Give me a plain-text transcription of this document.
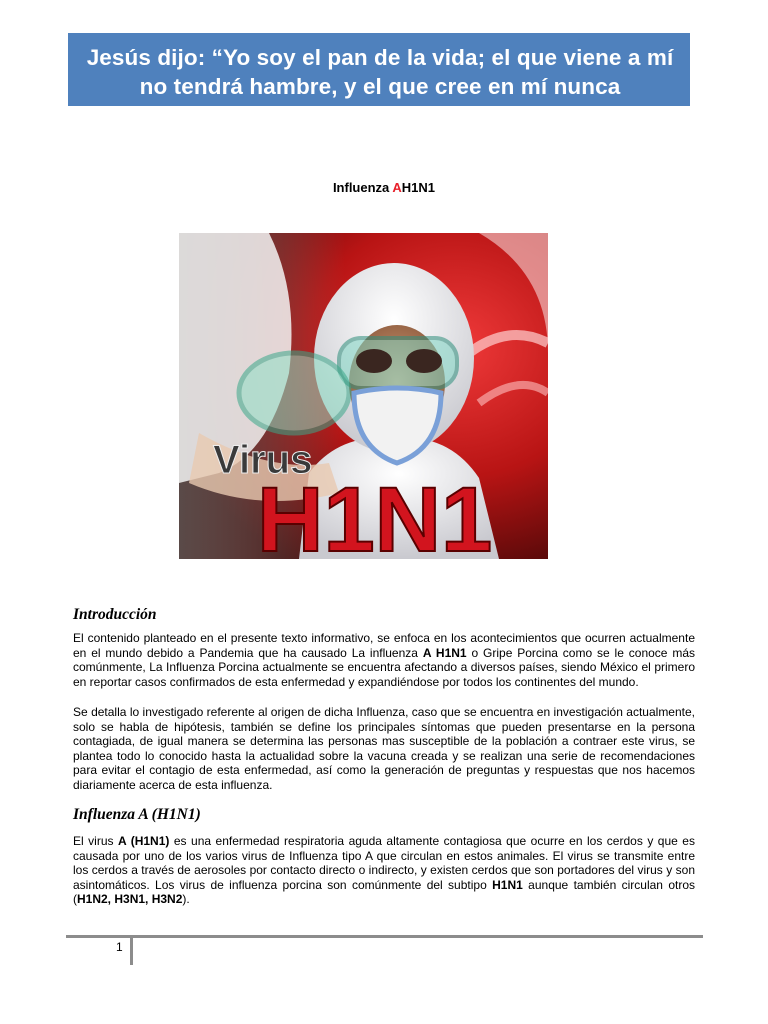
Jesús dijo: “Yo soy el pan de la vida; el que viene a mí no tendrá hambre, y el que cree en mí nunca
Influenza AH1N1
Virus
H1N1
Introducción

El contenido planteado en el presente texto informativo, se enfoca en los acontecimientos que ocurren actualmente en el mundo debido a Pandemia que ha causado La influenza A H1N1 o Gripe Porcina como se le conoce más comúnmente, La Influenza Porcina actualmente se encuentra afectando a diversos países, siendo México el primero en reportar casos confirmados de esta enfermedad y expandiéndose por todos los continentes del mundo.

Se detalla lo investigado referente al origen de dicha Influenza, caso que se encuentra en investigación actualmente, solo se habla de hipótesis, también se define los principales síntomas que pueden presentarse en la persona contagiada, de igual manera se determina las personas mas susceptible de la población a contraer este virus, se plantea todo lo conocido hasta la actualidad sobre la vacuna creada y se realizan una serie de recomendaciones para evitar el contagio de esta enfermedad, así como la generación de preguntas y respuestas que nos hacemos diariamente acerca de esta influenza.

Influenza A (H1N1)

El virus A (H1N1) es una enfermedad respiratoria aguda altamente contagiosa que ocurre en los cerdos y que es causada por uno de los varios virus de Influenza tipo A que circulan en estos animales. El virus se transmite entre los cerdos a través de aerosoles por contacto directo o indirecto, y existen cerdos que son portadores del virus y son asintomáticos. Los virus de influenza porcina son comúnmente del subtipo H1N1 aunque también circulan otros (H1N2, H3N1, H3N2).

1
